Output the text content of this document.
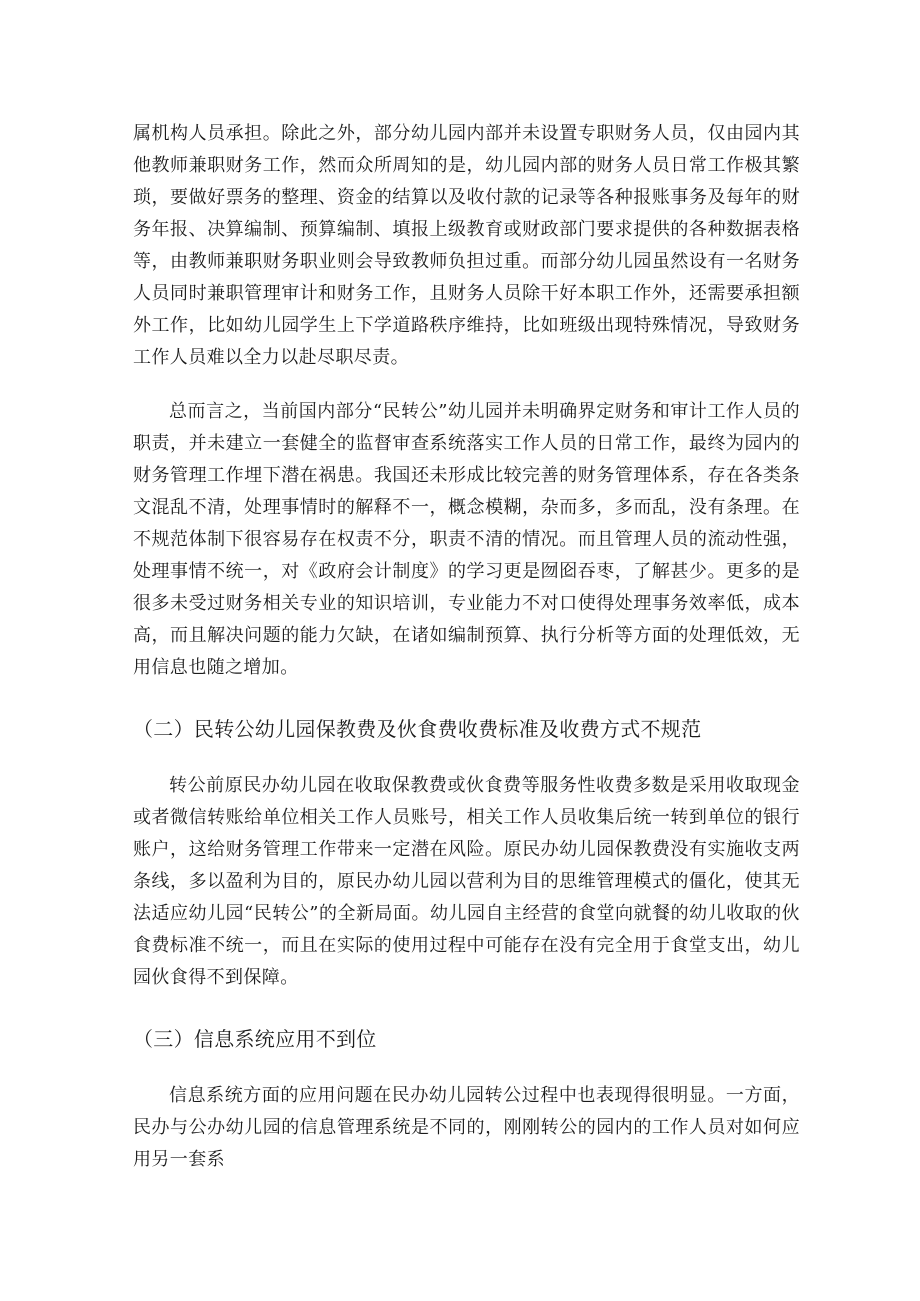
属机构人员承担。除此之外，部分幼儿园内部并未设置专职财务人员，仅由园内其他教师兼职财务工作，然而众所周知的是，幼儿园内部的财务人员日常工作极其繁琐，要做好票务的整理、资金的结算以及收付款的记录等各种报账事务及每年的财务年报、决算编制、预算编制、填报上级教育或财政部门要求提供的各种数据表格等，由教师兼职财务职业则会导致教师负担过重。而部分幼儿园虽然设有一名财务人员同时兼职管理审计和财务工作，且财务人员除干好本职工作外，还需要承担额外工作，比如幼儿园学生上下学道路秩序维持，比如班级出现特殊情况，导致财务工作人员难以全力以赴尽职尽责。

总而言之，当前国内部分“民转公”幼儿园并未明确界定财务和审计工作人员的职责，并未建立一套健全的监督审查系统落实工作人员的日常工作，最终为园内的财务管理工作埋下潜在祸患。我国还未形成比较完善的财务管理体系，存在各类条文混乱不清，处理事情时的解释不一，概念模糊，杂而多，多而乱，没有条理。在不规范体制下很容易存在权责不分，职责不清的情况。而且管理人员的流动性强，处理事情不统一，对《政府会计制度》的学习更是囫囵吞枣，了解甚少。更多的是很多未受过财务相关专业的知识培训，专业能力不对口使得处理事务效率低，成本高，而且解决问题的能力欠缺，在诸如编制预算、执行分析等方面的处理低效，无用信息也随之增加。

（二）民转公幼儿园保教费及伙食费收费标准及收费方式不规范

转公前原民办幼儿园在收取保教费或伙食费等服务性收费多数是采用收取现金或者微信转账给单位相关工作人员账号，相关工作人员收集后统一转到单位的银行账户，这给财务管理工作带来一定潜在风险。原民办幼儿园保教费没有实施收支两条线，多以盈利为目的，原民办幼儿园以营利为目的思维管理模式的僵化，使其无法适应幼儿园“民转公”的全新局面。幼儿园自主经营的食堂向就餐的幼儿收取的伙食费标准不统一，而且在实际的使用过程中可能存在没有完全用于食堂支出，幼儿园伙食得不到保障。

（三）信息系统应用不到位

信息系统方面的应用问题在民办幼儿园转公过程中也表现得很明显。一方面，民办与公办幼儿园的信息管理系统是不同的，刚刚转公的园内的工作人员对如何应用另一套系
